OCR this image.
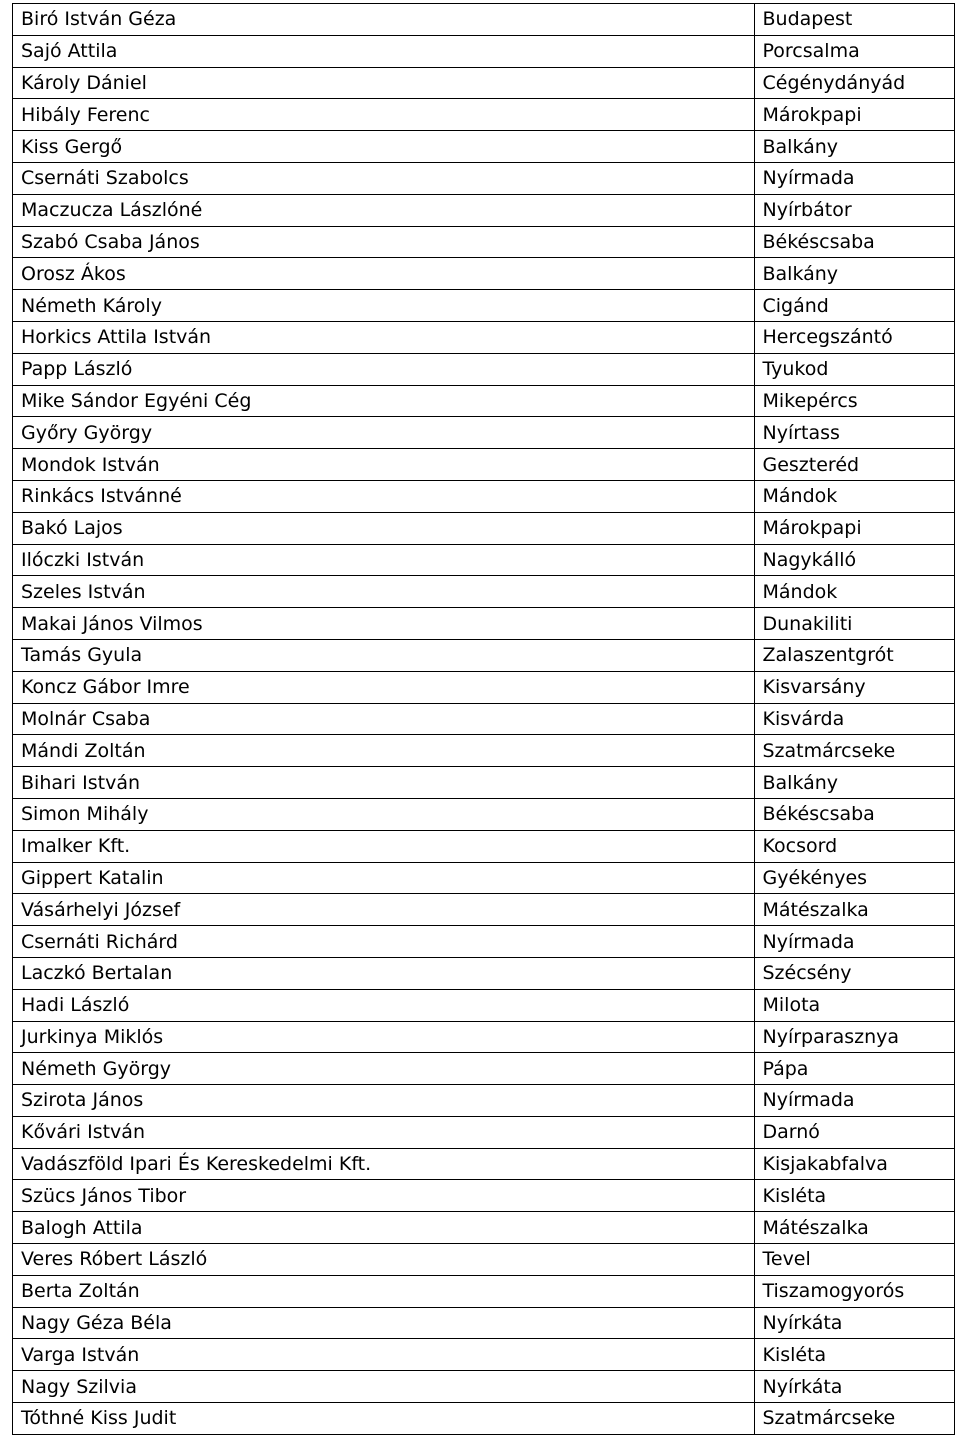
Biró István Géza	Budapest
Sajó Attila	Porcsalma
Károly Dániel	Cégénydányád
Hibály Ferenc	Márokpapi
Kiss Gergő	Balkány
Csernáti Szabolcs	Nyírmada
Maczucza Lászlóné	Nyírbátor
Szabó Csaba János	Békéscsaba
Orosz Ákos	Balkány
Németh Károly	Cigánd
Horkics Attila István	Hercegszántó
Papp László	Tyukod
Mike Sándor Egyéni Cég	Mikepércs
Győry György	Nyírtass
Mondok István	Geszteréd
Rinkács Istvánné	Mándok
Bakó Lajos	Márokpapi
Ilóczki István	Nagykálló
Szeles István	Mándok
Makai János Vilmos	Dunakiliti
Tamás Gyula	Zalaszentgrót
Koncz Gábor Imre	Kisvarsány
Molnár Csaba	Kisvárda
Mándi Zoltán	Szatmárcseke
Bihari István	Balkány
Simon Mihály	Békéscsaba
Imalker Kft.	Kocsord
Gippert Katalin	Gyékényes
Vásárhelyi József	Mátészalka
Csernáti Richárd	Nyírmada
Laczkó Bertalan	Szécsény
Hadi László	Milota
Jurkinya Miklós	Nyírparasznya
Németh György	Pápa
Szirota János	Nyírmada
Kővári István	Darnó
Vadászföld Ipari És Kereskedelmi Kft.	Kisjakabfalva
Szücs János Tibor	Kisléta
Balogh Attila	Mátészalka
Veres Róbert László	Tevel
Berta Zoltán	Tiszamogyorós
Nagy Géza Béla	Nyírkáta
Varga István	Kisléta
Nagy Szilvia	Nyírkáta
Tóthné Kiss Judit	Szatmárcseke
